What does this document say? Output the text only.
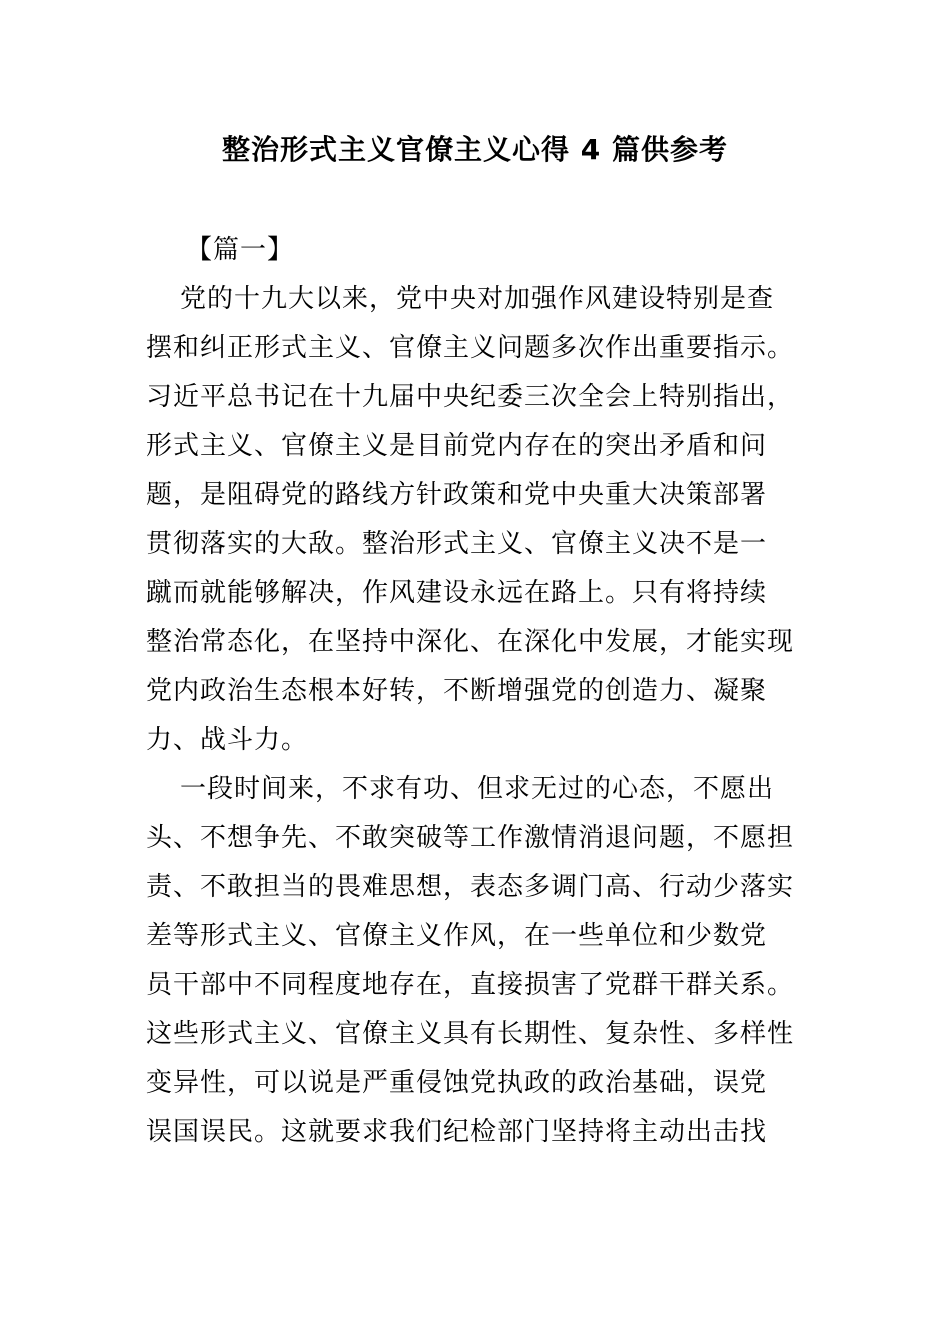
整治形式主义官僚主义心得 4 篇供参考
【篇一】
党的十九大以来，党中央对加强作风建设特别是查
摆和纠正形式主义、官僚主义问题多次作出重要指示。
习近平总书记在十九届中央纪委三次全会上特别指出，
形式主义、官僚主义是目前党内存在的突出矛盾和问
题，是阻碍党的路线方针政策和党中央重大决策部署
贯彻落实的大敌。整治形式主义、官僚主义决不是一
蹴而就能够解决，作风建设永远在路上。只有将持续
整治常态化，在坚持中深化、在深化中发展，才能实现
党内政治生态根本好转，不断增强党的创造力、凝聚
力、战斗力。
一段时间来，不求有功、但求无过的心态，不愿出
头、不想争先、不敢突破等工作激情消退问题，不愿担
责、不敢担当的畏难思想，表态多调门高、行动少落实
差等形式主义、官僚主义作风，在一些单位和少数党
员干部中不同程度地存在，直接损害了党群干群关系。
这些形式主义、官僚主义具有长期性、复杂性、多样性
变异性，可以说是严重侵蚀党执政的政治基础，误党
误国误民。这就要求我们纪检部门坚持将主动出击找
